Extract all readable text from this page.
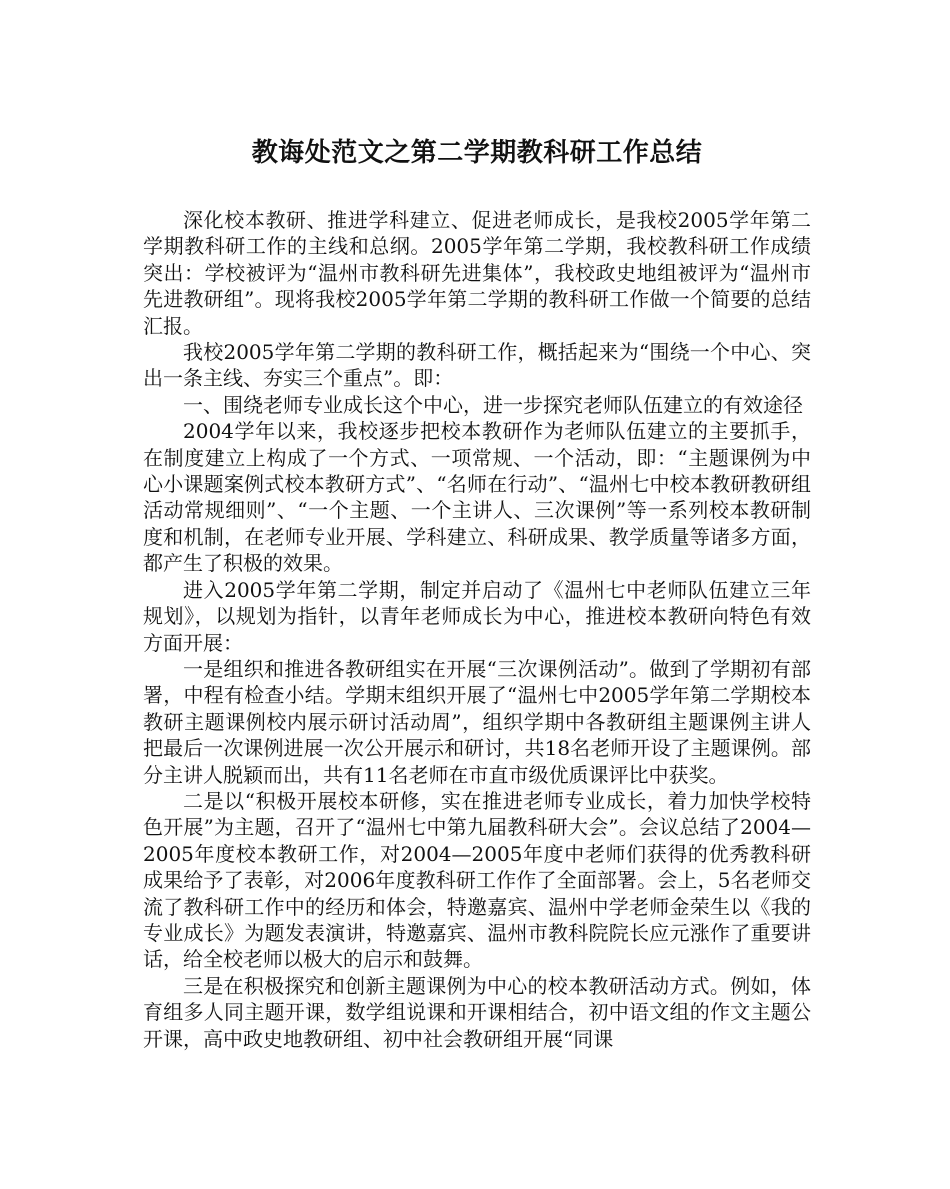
教诲处范文之第二学期教科研工作总结

深化校本教研、推进学科建立、促进老师成长，是我校2005学年第二学期教科研工作的主线和总纲。2005学年第二学期，我校教科研工作成绩突出：学校被评为“温州市教科研先进集体”，我校政史地组被评为“温州市先进教研组”。现将我校2005学年第二学期的教科研工作做一个简要的总结汇报。

我校2005学年第二学期的教科研工作，概括起来为“围绕一个中心、突出一条主线、夯实三个重点”。即：

一、围绕老师专业成长这个中心，进一步探究老师队伍建立的有效途径

2004学年以来，我校逐步把校本教研作为老师队伍建立的主要抓手，在制度建立上构成了一个方式、一项常规、一个活动，即：“主题课例为中心小课题案例式校本教研方式”、“名师在行动”、“温州七中校本教研教研组活动常规细则”、“一个主题、一个主讲人、三次课例”等一系列校本教研制度和机制，在老师专业开展、学科建立、科研成果、教学质量等诸多方面，都产生了积极的效果。

进入2005学年第二学期，制定并启动了《温州七中老师队伍建立三年规划》，以规划为指针，以青年老师成长为中心，推进校本教研向特色有效方面开展：

一是组织和推进各教研组实在开展“三次课例活动”。做到了学期初有部署，中程有检查小结。学期末组织开展了“温州七中2005学年第二学期校本教研主题课例校内展示研讨活动周”，组织学期中各教研组主题课例主讲人把最后一次课例进展一次公开展示和研讨，共18名老师开设了主题课例。部分主讲人脱颖而出，共有11名老师在市直市级优质课评比中获奖。

二是以“积极开展校本研修，实在推进老师专业成长，着力加快学校特色开展”为主题，召开了“温州七中第九届教科研大会”。会议总结了2004—2005年度校本教研工作，对2004—2005年度中老师们获得的优秀教科研成果给予了表彰，对2006年度教科研工作作了全面部署。会上，5名老师交流了教科研工作中的经历和体会，特邀嘉宾、温州中学老师金荣生以《我的专业成长》为题发表演讲，特邀嘉宾、温州市教科院院长应元涨作了重要讲话，给全校老师以极大的启示和鼓舞。

三是在积极探究和创新主题课例为中心的校本教研活动方式。例如，体育组多人同主题开课，数学组说课和开课相结合，初中语文组的作文主题公开课，高中政史地教研组、初中社会教研组开展“同课
